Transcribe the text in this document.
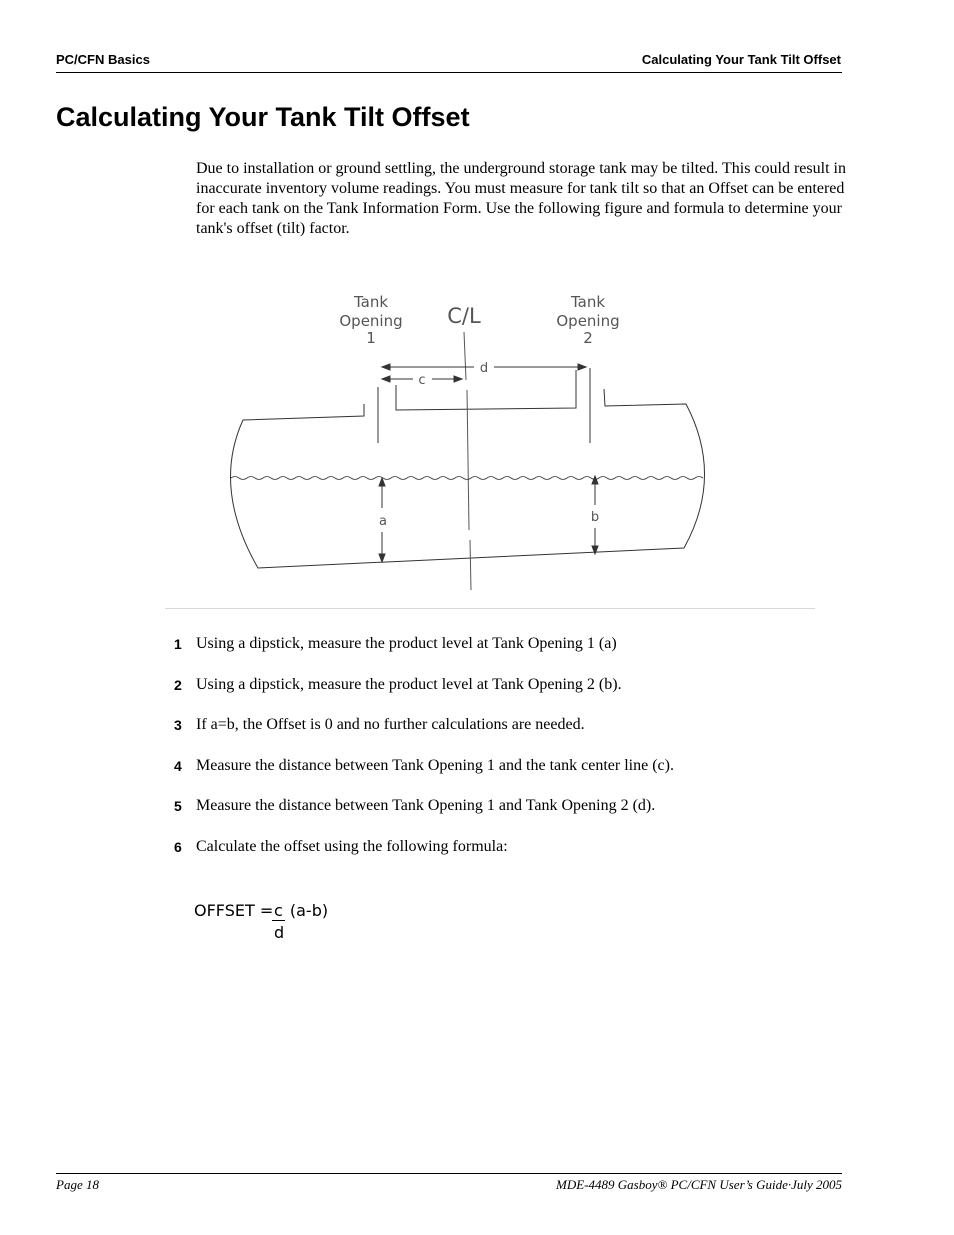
PC/CFN Basics	Calculating Your Tank Tilt Offset
Calculating Your Tank Tilt Offset

Due to installation or ground settling, the underground storage tank may be tilted. This could result in inaccurate inventory volume readings. You must measure for tank tilt so that an Offset can be entered for each tank on the Tank Information Form. Use the following figure and formula to determine your tank's offset (tilt) factor.

Tank
Opening
1
Tank
Opening
2
C/L
c
d
a	b
1 Using a dipstick, measure the product level at Tank Opening 1 (a)
2 Using a dipstick, measure the product level at Tank Opening 2 (b).
3 If a=b, the Offset is 0 and no further calculations are needed.
4 Measure the distance between Tank Opening 1 and the tank center line (c).
5 Measure the distance between Tank Opening 1 and Tank Opening 2 (d).
6 Calculate the offset using the following formula:
OFFSET = c (a-b)
d
Page 18	MDE-4489 Gasboy® PC/CFN User’s Guide·July 2005
